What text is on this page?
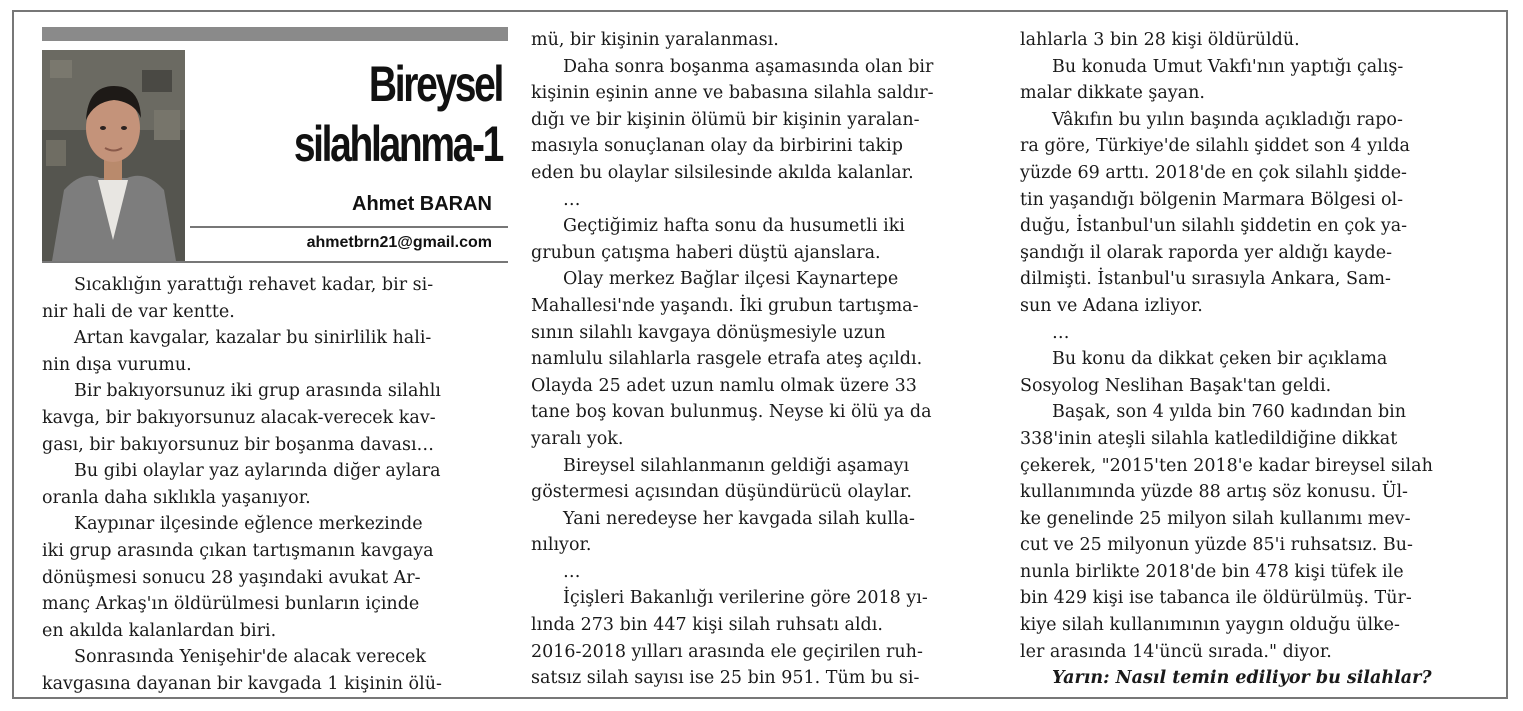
Bireysel
silahlanma-1
Ahmet BARAN
ahmetbrn21@gmail.com

Sıcaklığın yarattığı rehavet kadar, bir si-

nir hali de var kentte.

Artan kavgalar, kazalar bu sinirlilik hali-

nin dışa vurumu.

Bir bakıyorsunuz iki grup arasında silahlı

kavga, bir bakıyorsunuz alacak-verecek kav-

gası, bir bakıyorsunuz bir boşanma davası…

Bu gibi olaylar yaz aylarında diğer aylara

oranla daha sıklıkla yaşanıyor.

Kaypınar ilçesinde eğlence merkezinde

iki grup arasında çıkan tartışmanın kavgaya

dönüşmesi sonucu 28 yaşındaki avukat Ar-

manç Arkaş'ın öldürülmesi bunların içinde

en akılda kalanlardan biri.

Sonrasında Yenişehir'de alacak verecek

kavgasına dayanan bir kavgada 1 kişinin ölü-

mü, bir kişinin yaralanması.

Daha sonra boşanma aşamasında olan bir

kişinin eşinin anne ve babasına silahla saldır-

dığı ve bir kişinin ölümü bir kişinin yaralan-

masıyla sonuçlanan olay da birbirini takip

eden bu olaylar silsilesinde akılda kalanlar.

…

Geçtiğimiz hafta sonu da husumetli iki

grubun çatışma haberi düştü ajanslara.

Olay merkez Bağlar ilçesi Kaynartepe

Mahallesi'nde yaşandı. İki grubun tartışma-

sının silahlı kavgaya dönüşmesiyle uzun

namlulu silahlarla rasgele etrafa ateş açıldı.

Olayda 25 adet uzun namlu olmak üzere 33

tane boş kovan bulunmuş. Neyse ki ölü ya da

yaralı yok.

Bireysel silahlanmanın geldiği aşamayı

göstermesi açısından düşündürücü olaylar.

Yani neredeyse her kavgada silah kulla-

nılıyor.

…

İçişleri Bakanlığı verilerine göre 2018 yı-

lında 273 bin 447 kişi silah ruhsatı aldı.

2016-2018 yılları arasında ele geçirilen ruh-

satsız silah sayısı ise 25 bin 951. Tüm bu si-

lahlarla 3 bin 28 kişi öldürüldü.

Bu konuda Umut Vakfı'nın yaptığı çalış-

malar dikkate şayan.

Vâkıfın bu yılın başında açıkladığı rapo-

ra göre, Türkiye'de silahlı şiddet son 4 yılda

yüzde 69 arttı. 2018'de en çok silahlı şidde-

tin yaşandığı bölgenin Marmara Bölgesi ol-

duğu, İstanbul'un silahlı şiddetin en çok ya-

şandığı il olarak raporda yer aldığı kayde-

dilmişti. İstanbul'u sırasıyla Ankara, Sam-

sun ve Adana izliyor.

…

Bu konu da dikkat çeken bir açıklama

Sosyolog Neslihan Başak'tan geldi.

Başak, son 4 yılda bin 760 kadından bin

338'inin ateşli silahla katledildiğine dikkat

çekerek, "2015'ten 2018'e kadar bireysel silah

kullanımında yüzde 88 artış söz konusu. Ül-

ke genelinde 25 milyon silah kullanımı mev-

cut ve 25 milyonun yüzde 85'i ruhsatsız. Bu-

nunla birlikte 2018'de bin 478 kişi tüfek ile

bin 429 kişi ise tabanca ile öldürülmüş. Tür-

kiye silah kullanımının yaygın olduğu ülke-

ler arasında 14'üncü sırada." diyor.

Yarın: Nasıl temin ediliyor bu silahlar?
